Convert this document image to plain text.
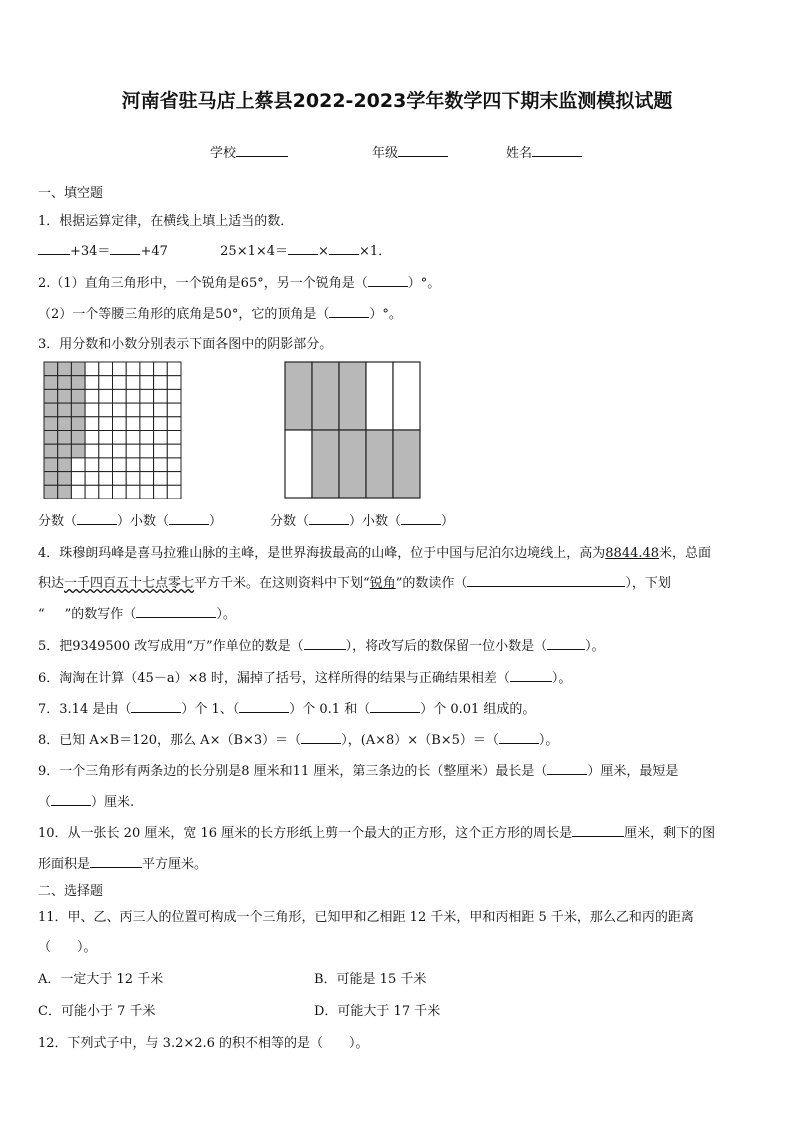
河南省驻马店上蔡县2022-2023学年数学四下期末监测模拟试题
学校	年级	姓名
一、填空题
1．根据运算定律，在横线上填上适当的数．
+34＝ +47	25×1×4＝ × ×1．
2.（1）直角三角形中，一个锐角是65°，另一个锐角是（	）°。
（2）一个等腰三角形的底角是50°，它的顶角是（	）°。
3．用分数和小数分别表示下面各图中的阴影部分。
分数（	）小数（	）	分数（	）小数（	）
4．珠穆朗玛峰是喜马拉雅山脉的主峰，是世界海拔最高的山峰，位于中国与尼泊尔边境线上，高为8844.48米，总面
积达一千四百五十七点零七平方千米。在这则资料中下划“锐角”的数读作（	），下划
“ ”的数写作（	）。
5．把9349500 改写成用“万”作单位的数是（	），将改写后的数保留一位小数是（	）。
6．淘淘在计算（45－a）×8 时，漏掉了括号，这样所得的结果与正确结果相差（	）。
7．3.14 是由（	）个 1、（	）个 0.1 和（	）个 0.01 组成的。
8．已知 A×B＝120，那么 A×（B×3）＝（	），(A×8）×（B×5）＝（	）。
9．一个三角形有两条边的长分别是8 厘米和11 厘米，第三条边的长（整厘米）最长是（	）厘米，最短是
（	）厘米.
10．从一张长 20 厘米，宽 16 厘米的长方形纸上剪一个最大的正方形，这个正方形的周长是	厘米，剩下的图
形面积是	平方厘米。
二、选择题
11．甲、乙、丙三人的位置可构成一个三角形，已知甲和乙相距 12 千米，甲和丙相距 5 千米，那么乙和丙的距离
（　　）。
A．一定大于 12 千米	B．可能是 15 千米
C．可能小于 7 千米	D．可能大于 17 千米
12．下列式子中，与 3.2×2.6 的积不相等的是（　　）。
